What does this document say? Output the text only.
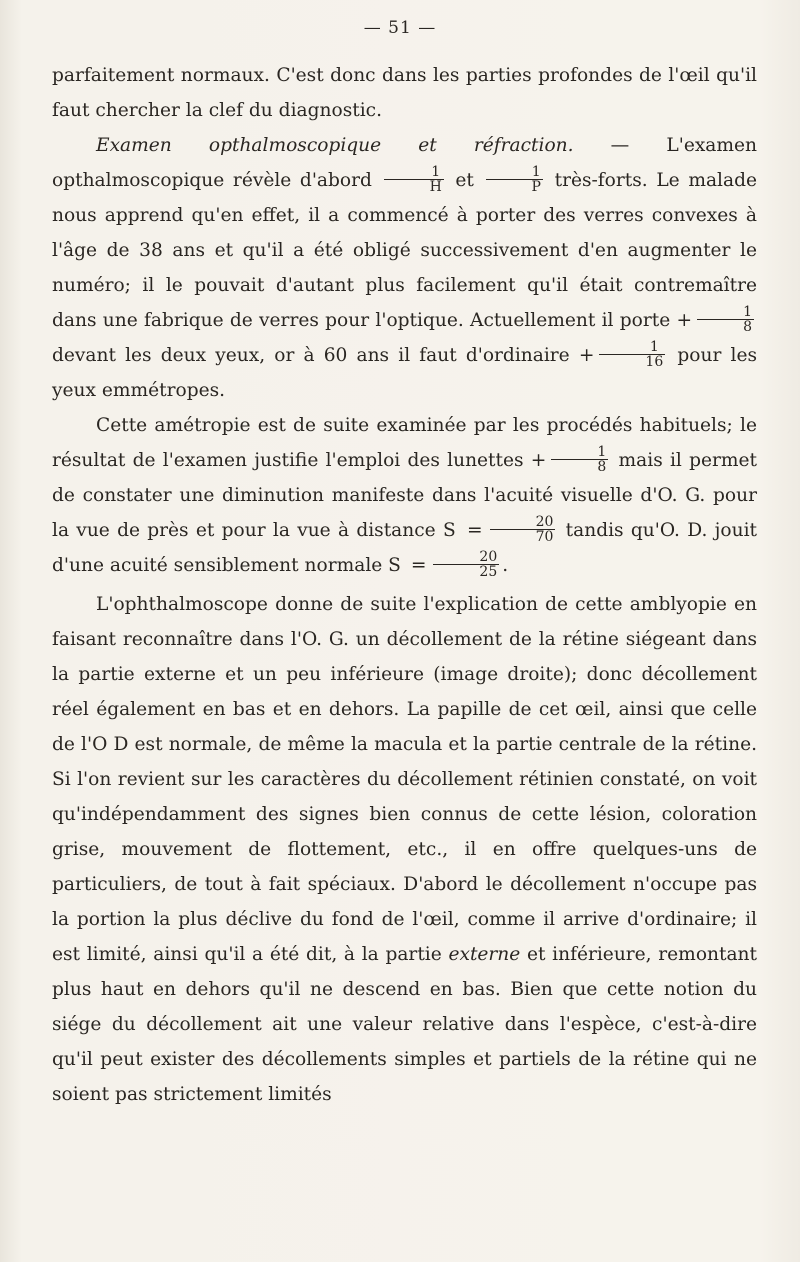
— 51 —

parfaitement normaux. C'est donc dans les parties profondes de l'œil qu'il faut chercher la clef du diagnostic.

Examen opthalmoscopique et réfraction. — L'examen opthalmoscopique révèle d'abord $\frac{1}{H}$ et $\frac{1}{P}$ très-forts. Le malade nous apprend qu'en effet, il a commencé à porter des verres convexes à l'âge de 38 ans et qu'il a été obligé successivement d'en augmenter le numéro; il le pouvait d'autant plus facilement qu'il était contremaître dans une fabrique de verres pour l'optique. Actuellement il porte + $\frac{1}{8}$
devant les deux yeux, or à 60 ans il faut d'ordinaire + $\frac{1}{16}$ pour les yeux emmétropes.

Cette amétropie est de suite examinée par les procédés habituels; le résultat de l'examen justifie l'emploi des lunettes + $\frac{1}{8}$ mais il permet de constater une diminution manifeste dans l'acuité visuelle d'O. G. pour la vue de près et pour la vue à distance $S = \frac{20}{70}$ tandis qu'O. D. jouit d'une acuité sensiblement normale $S = \frac{20}{25}$ .

L'ophthalmoscope donne de suite l'explication de cette amblyopie en faisant reconnaître dans l'O. G. un décollement de la rétine siégeant dans la partie externe et un peu inférieure (image droite); donc décollement réel également en bas et en dehors. La papille de cet œil, ainsi que celle de l'O D est normale, de même la macula et la partie centrale de la rétine. Si l'on revient sur les caractères du décollement rétinien constaté, on voit qu'indépendamment des signes bien connus de cette lésion, coloration grise, mouvement de flottement, etc., il en offre quelques-uns de particuliers, de tout à fait spéciaux. D'abord le décollement n'occupe pas la portion la plus déclive du fond de l'œil, comme il arrive d'ordinaire; il est limité, ainsi qu'il a été dit, à la partie externe et inférieure, remontant plus haut en dehors qu'il ne descend en bas. Bien que cette notion du siége du décollement ait une valeur relative dans l'espèce, c'est-à-dire qu'il peut exister des décollements simples et partiels de la rétine qui ne soient pas strictement limités
